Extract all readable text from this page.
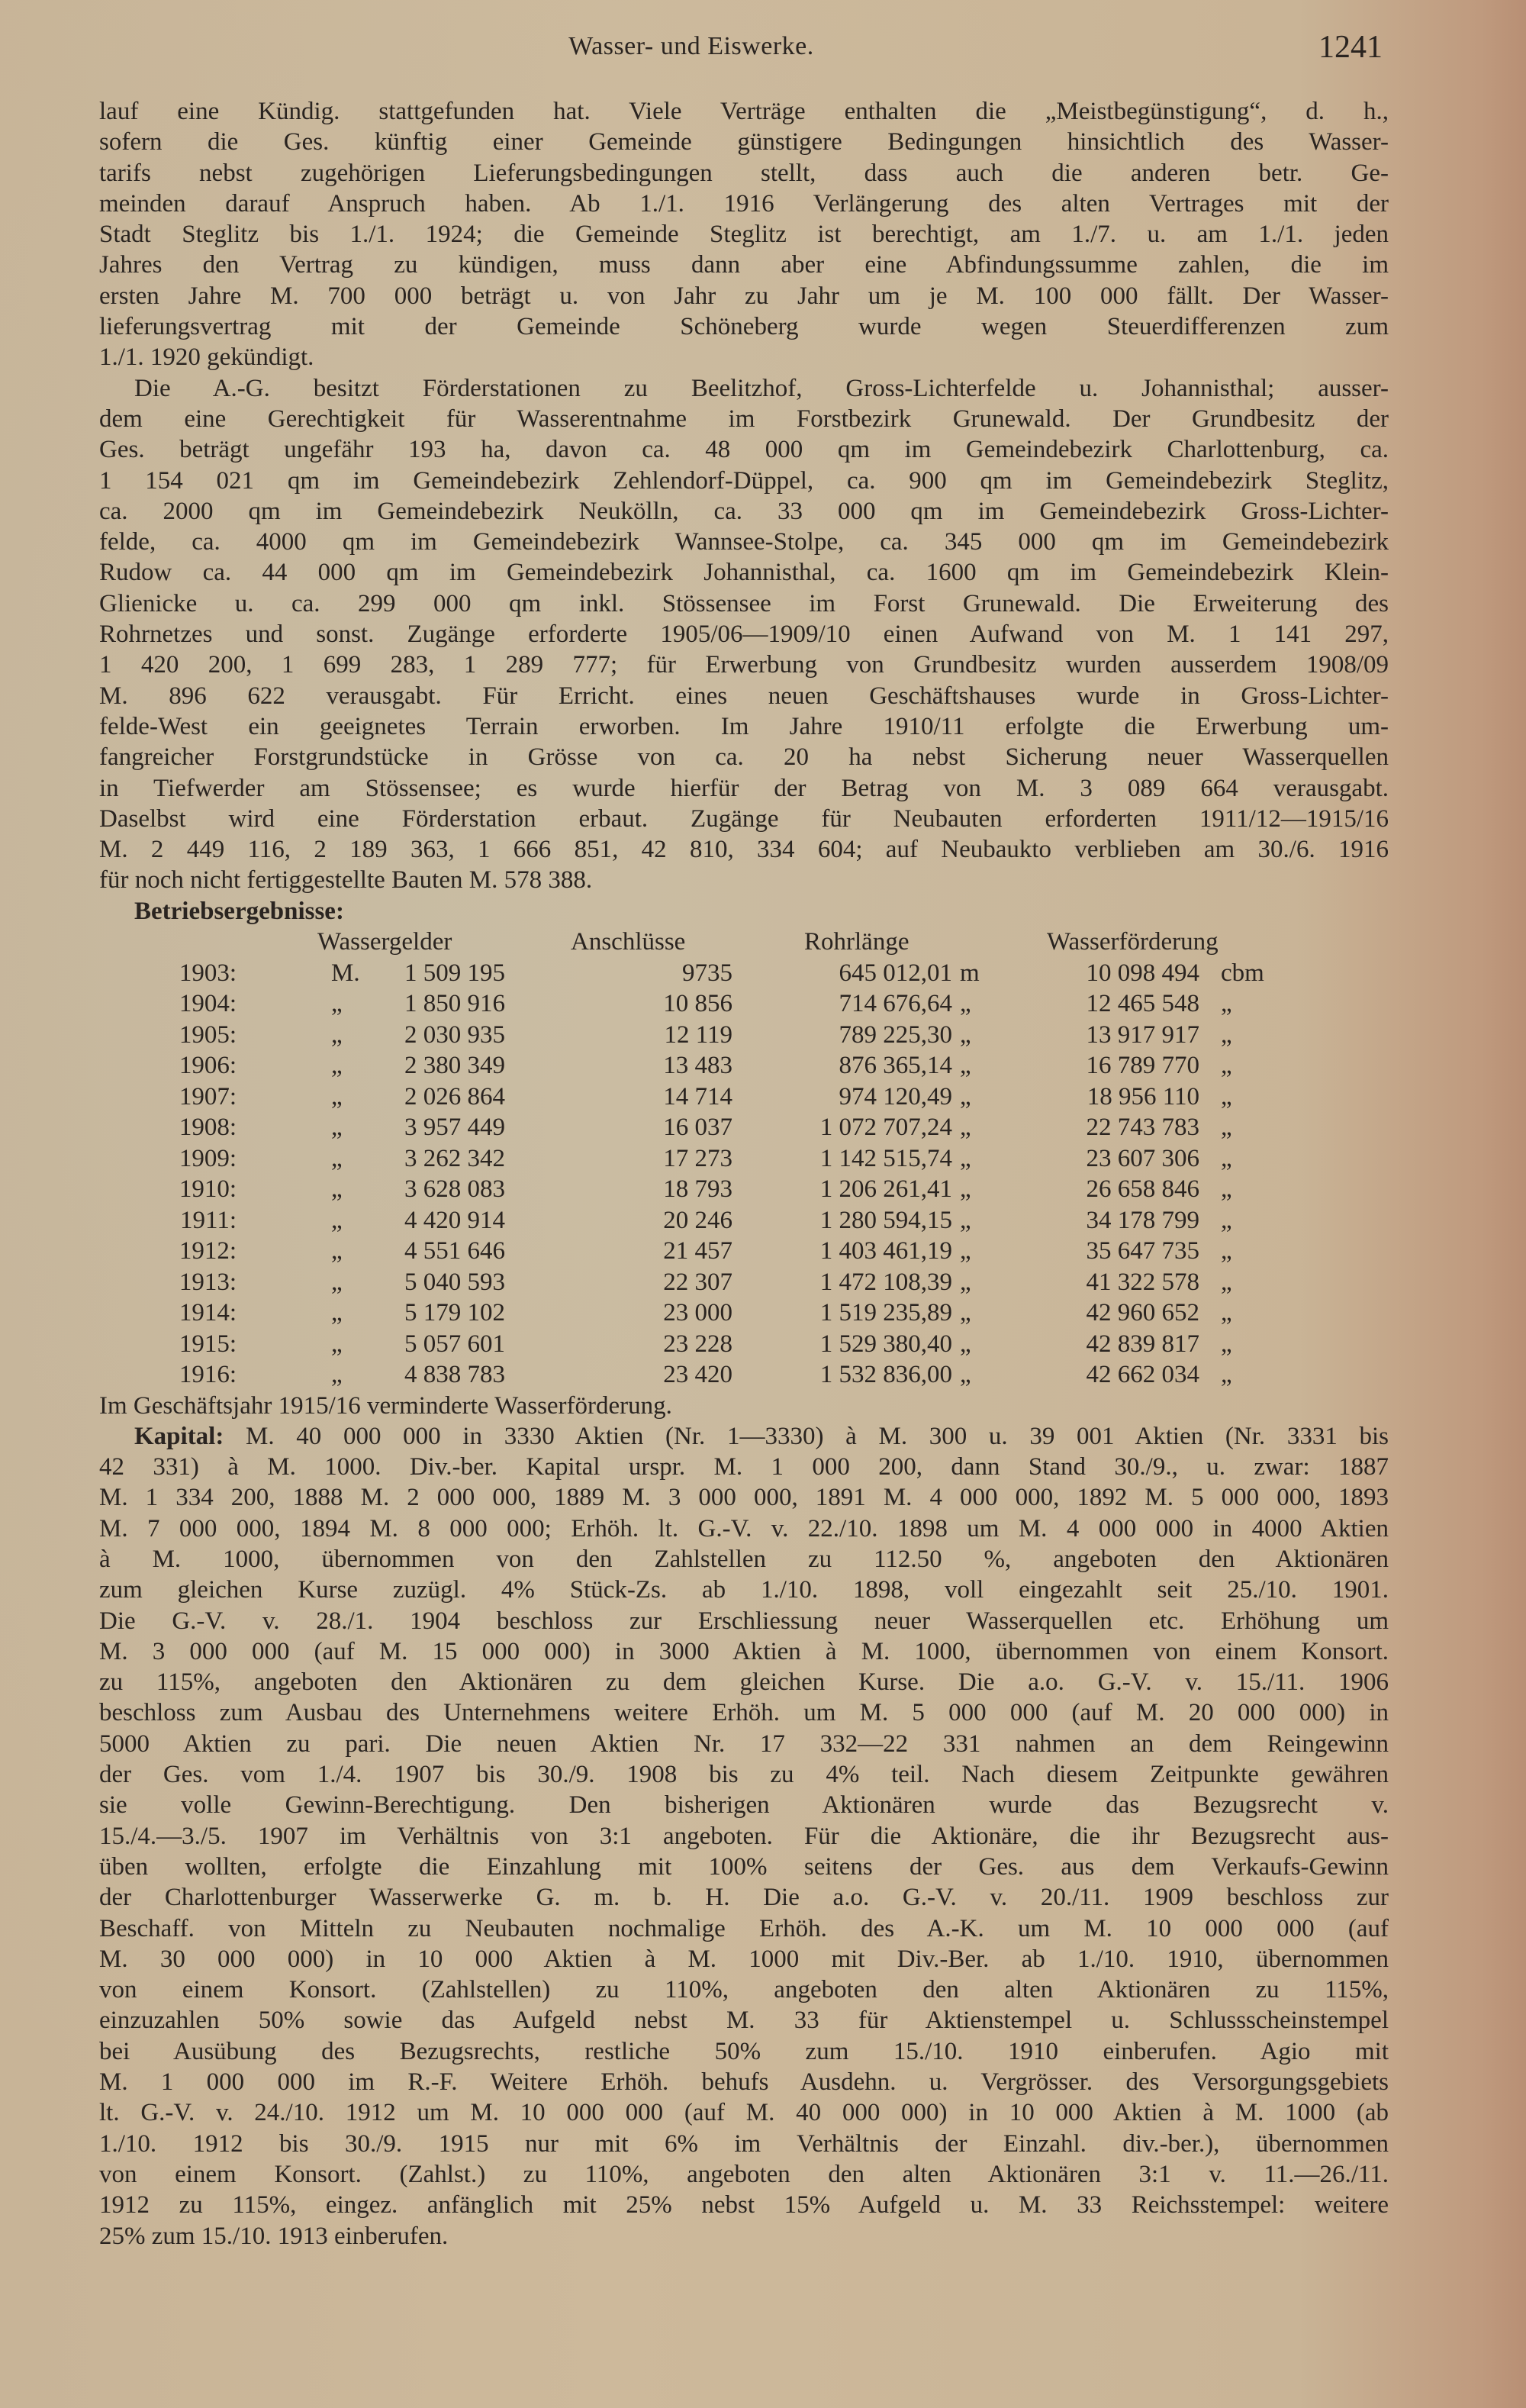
Wasser- und Eiswerke.	1241
lauf eine Kündig. stattgefunden hat. Viele Verträge enthalten die „Meistbegünstigung“, d. h.,
sofern die Ges. künftig einer Gemeinde günstigere Bedingungen hinsichtlich des Wasser-
tarifs nebst zugehörigen Lieferungsbedingungen stellt, dass auch die anderen betr. Ge-
meinden darauf Anspruch haben. Ab 1./1. 1916 Verlängerung des alten Vertrages mit der
Stadt Steglitz bis 1./1. 1924; die Gemeinde Steglitz ist berechtigt, am 1./7. u. am 1./1. jeden
Jahres den Vertrag zu kündigen, muss dann aber eine Abfindungssumme zahlen, die im
ersten Jahre M. 700 000 beträgt u. von Jahr zu Jahr um je M. 100 000 fällt. Der Wasser-
lieferungsvertrag mit der Gemeinde Schöneberg wurde wegen Steuerdifferenzen zum
1./1. 1920 gekündigt.
Die A.-G. besitzt Förderstationen zu Beelitzhof, Gross-Lichterfelde u. Johannisthal; ausser-
dem eine Gerechtigkeit für Wasserentnahme im Forstbezirk Grunewald. Der Grundbesitz der
Ges. beträgt ungefähr 193 ha, davon ca. 48 000 qm im Gemeindebezirk Charlottenburg, ca.
1 154 021 qm im Gemeindebezirk Zehlendorf-Düppel, ca. 900 qm im Gemeindebezirk Steglitz,
ca. 2000 qm im Gemeindebezirk Neukölln, ca. 33 000 qm im Gemeindebezirk Gross-Lichter-
felde, ca. 4000 qm im Gemeindebezirk Wannsee-Stolpe, ca. 345 000 qm im Gemeindebezirk
Rudow ca. 44 000 qm im Gemeindebezirk Johannisthal, ca. 1600 qm im Gemeindebezirk Klein-
Glienicke u. ca. 299 000 qm inkl. Stössensee im Forst Grunewald. Die Erweiterung des
Rohrnetzes und sonst. Zugänge erforderte 1905/06—1909/10 einen Aufwand von M. 1 141 297,
1 420 200, 1 699 283, 1 289 777; für Erwerbung von Grundbesitz wurden ausserdem 1908/09
M. 896 622 verausgabt. Für Erricht. eines neuen Geschäftshauses wurde in Gross-Lichter-
felde-West ein geeignetes Terrain erworben. Im Jahre 1910/11 erfolgte die Erwerbung um-
fangreicher Forstgrundstücke in Grösse von ca. 20 ha nebst Sicherung neuer Wasserquellen
in Tiefwerder am Stössensee; es wurde hierfür der Betrag von M. 3 089 664 verausgabt.
Daselbst wird eine Förderstation erbaut. Zugänge für Neubauten erforderten 1911/12—1915/16
M. 2 449 116, 2 189 363, 1 666 851, 42 810, 334 604; auf Neubaukto verblieben am 30./6. 1916
für noch nicht fertiggestellte Bauten M. 578 388.
Betriebsergebnisse:
Wassergelder	Anschlüsse	Rohrlänge	Wasserförderung
1903:	M.	1 509 195	9735	645 012,01 m	10 098 494 cbm
1904:	„	1 850 916	10 856	714 676,64 „	12 465 548 „
1905:	„	2 030 935	12 119	789 225,30 „	13 917 917 „
1906:	„	2 380 349	13 483	876 365,14 „	16 789 770 „
1907:	„	2 026 864	14 714	974 120,49 „	18 956 110 „
1908:	„	3 957 449	16 037	1 072 707,24 „	22 743 783 „
1909:	„	3 262 342	17 273	1 142 515,74 „	23 607 306 „
1910:	„	3 628 083	18 793	1 206 261,41 „	26 658 846 „
1911:	„	4 420 914	20 246	1 280 594,15 „	34 178 799 „
1912:	„	4 551 646	21 457	1 403 461,19 „	35 647 735 „
1913:	„	5 040 593	22 307	1 472 108,39 „	41 322 578 „
1914:	„	5 179 102	23 000	1 519 235,89 „	42 960 652 „
1915:	„	5 057 601	23 228	1 529 380,40 „	42 839 817 „
1916:	„	4 838 783	23 420	1 532 836,00 „	42 662 034 „
Im Geschäftsjahr 1915/16 verminderte Wasserförderung.
Kapital: M. 40 000 000 in 3330 Aktien (Nr. 1—3330) à M. 300 u. 39 001 Aktien (Nr. 3331 bis
42 331) à M. 1000. Div.-ber. Kapital urspr. M. 1 000 200, dann Stand 30./9., u. zwar: 1887
M. 1 334 200, 1888 M. 2 000 000, 1889 M. 3 000 000, 1891 M. 4 000 000, 1892 M. 5 000 000, 1893
M. 7 000 000, 1894 M. 8 000 000; Erhöh. lt. G.-V. v. 22./10. 1898 um M. 4 000 000 in 4000 Aktien
à M. 1000, übernommen von den Zahlstellen zu 112.50 %, angeboten den Aktionären
zum gleichen Kurse zuzügl. 4% Stück-Zs. ab 1./10. 1898, voll eingezahlt seit 25./10. 1901.
Die G.-V. v. 28./1. 1904 beschloss zur Erschliessung neuer Wasserquellen etc. Erhöhung um
M. 3 000 000 (auf M. 15 000 000) in 3000 Aktien à M. 1000, übernommen von einem Konsort.
zu 115%, angeboten den Aktionären zu dem gleichen Kurse. Die a.o. G.-V. v. 15./11. 1906
beschloss zum Ausbau des Unternehmens weitere Erhöh. um M. 5 000 000 (auf M. 20 000 000) in
5000 Aktien zu pari. Die neuen Aktien Nr. 17 332—22 331 nahmen an dem Reingewinn
der Ges. vom 1./4. 1907 bis 30./9. 1908 bis zu 4% teil. Nach diesem Zeitpunkte gewähren
sie volle Gewinn-Berechtigung. Den bisherigen Aktionären wurde das Bezugsrecht v.
15./4.—3./5. 1907 im Verhältnis von 3:1 angeboten. Für die Aktionäre, die ihr Bezugsrecht aus-
üben wollten, erfolgte die Einzahlung mit 100% seitens der Ges. aus dem Verkaufs-Gewinn
der Charlottenburger Wasserwerke G. m. b. H. Die a.o. G.-V. v. 20./11. 1909 beschloss zur
Beschaff. von Mitteln zu Neubauten nochmalige Erhöh. des A.-K. um M. 10 000 000 (auf
M. 30 000 000) in 10 000 Aktien à M. 1000 mit Div.-Ber. ab 1./10. 1910, übernommen
von einem Konsort. (Zahlstellen) zu 110%, angeboten den alten Aktionären zu 115%,
einzuzahlen 50% sowie das Aufgeld nebst M. 33 für Aktienstempel u. Schlussscheinstempel
bei Ausübung des Bezugsrechts, restliche 50% zum 15./10. 1910 einberufen. Agio mit
M. 1 000 000 im R.-F. Weitere Erhöh. behufs Ausdehn. u. Vergrösser. des Versorgungsgebiets
lt. G.-V. v. 24./10. 1912 um M. 10 000 000 (auf M. 40 000 000) in 10 000 Aktien à M. 1000 (ab
1./10. 1912 bis 30./9. 1915 nur mit 6% im Verhältnis der Einzahl. div.-ber.), übernommen
von einem Konsort. (Zahlst.) zu 110%, angeboten den alten Aktionären 3:1 v. 11.—26./11.
1912 zu 115%, eingez. anfänglich mit 25% nebst 15% Aufgeld u. M. 33 Reichsstempel: weitere
25% zum 15./10. 1913 einberufen.
